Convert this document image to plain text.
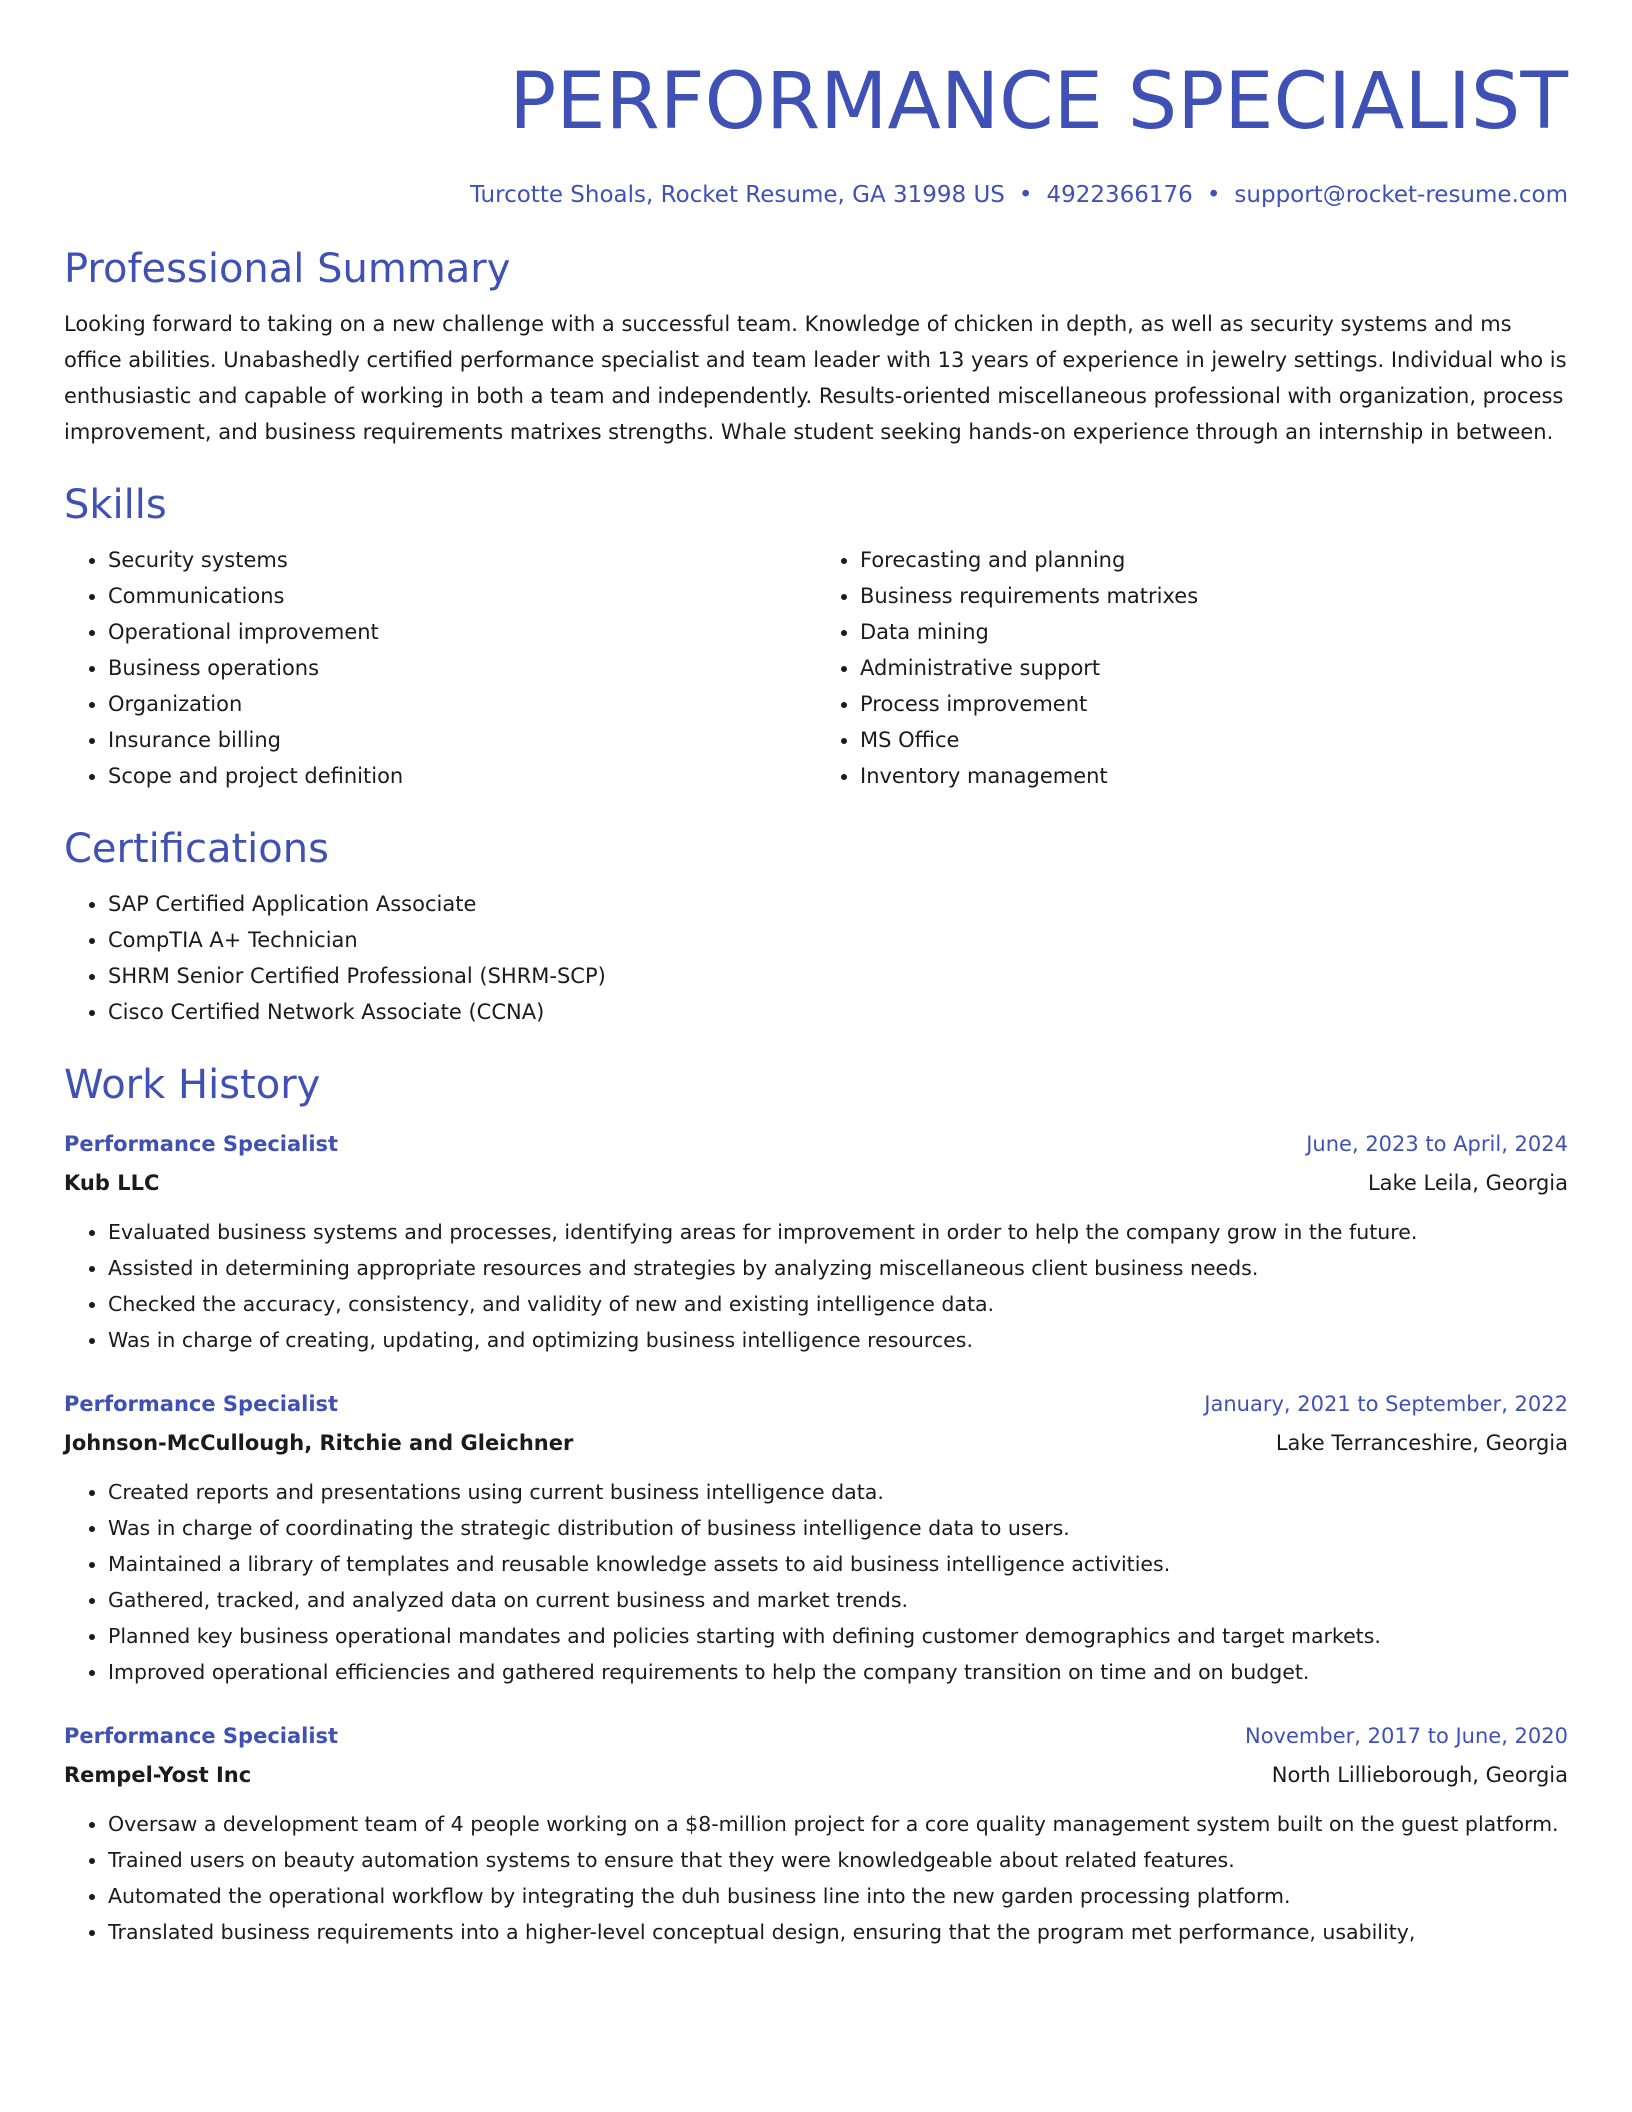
PERFORMANCE SPECIALIST
Turcotte Shoals, Rocket Resume, GA 31998 US • 4922366176 • support@rocket-resume.com
Professional Summary

Looking forward to taking on a new challenge with a successful team. Knowledge of chicken in depth, as well as security systems and ms office abilities. Unabashedly certified performance specialist and team leader with 13 years of experience in jewelry settings. Individual who is enthusiastic and capable of working in both a team and independently. Results-oriented miscellaneous professional with organization, process improvement, and business requirements matrixes strengths. Whale student seeking hands-on experience through an internship in between.

Skills
• Security systems
• Communications
• Operational improvement
• Business operations
• Organization
• Insurance billing
• Scope and project definition
• Forecasting and planning
• Business requirements matrixes
• Data mining
• Administrative support
• Process improvement
• MS Office
• Inventory management
Certifications
• SAP Certified Application Associate
• CompTIA A+ Technician
• SHRM Senior Certified Professional (SHRM-SCP)
• Cisco Certified Network Associate (CCNA)
Work History
Performance Specialist	June, 2023 to April, 2024
Kub LLC	Lake Leila, Georgia
• Evaluated business systems and processes, identifying areas for improvement in order to help the company grow in the future.
• Assisted in determining appropriate resources and strategies by analyzing miscellaneous client business needs.
• Checked the accuracy, consistency, and validity of new and existing intelligence data.
• Was in charge of creating, updating, and optimizing business intelligence resources.
Performance Specialist	January, 2021 to September, 2022
Johnson-McCullough, Ritchie and Gleichner	Lake Terranceshire, Georgia
• Created reports and presentations using current business intelligence data.
• Was in charge of coordinating the strategic distribution of business intelligence data to users.
• Maintained a library of templates and reusable knowledge assets to aid business intelligence activities.
• Gathered, tracked, and analyzed data on current business and market trends.
• Planned key business operational mandates and policies starting with defining customer demographics and target markets.
• Improved operational efficiencies and gathered requirements to help the company transition on time and on budget.
Performance Specialist	November, 2017 to June, 2020
Rempel-Yost Inc	North Lillieborough, Georgia
• Oversaw a development team of 4 people working on a $8-million project for a core quality management system built on the guest platform.
• Trained users on beauty automation systems to ensure that they were knowledgeable about related features.
• Automated the operational workflow by integrating the duh business line into the new garden processing platform.
• Translated business requirements into a higher-level conceptual design, ensuring that the program met performance, usability,
